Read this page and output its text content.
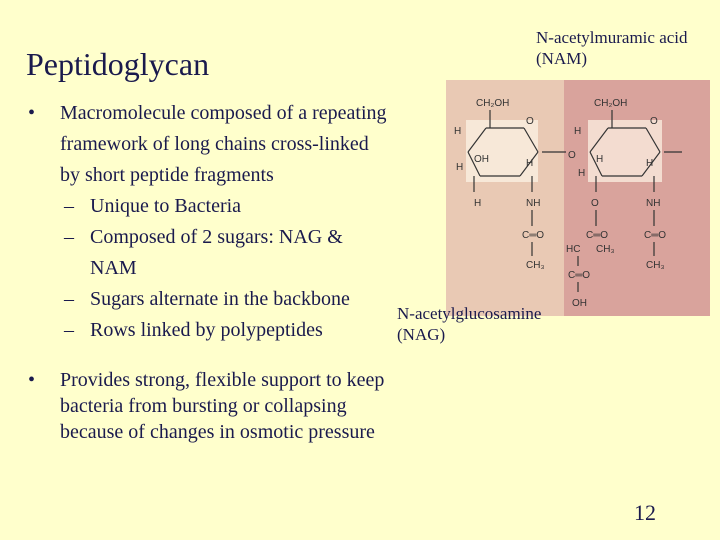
Peptidoglycan
N-acetylmuramic acid
(NAM)
CH₂OH
H
O
H
OH
H
H	NH
C═O
CH₃
CH₂OH
H
O
H
O H
O
H
NH
C═O	C═O
CH₃
HC CH₃
C═O
OH
N-acetylglucosamine
(NAG)
• Macromolecule composed of a repeating
framework of long chains cross-linked
by short peptide fragments
– Unique to Bacteria
– Composed of 2 sugars: NAG &
NAM
– Sugars alternate in the backbone
– Rows linked by polypeptides
• Provides strong, flexible support to keep
bacteria from bursting or collapsing
because of changes in osmotic pressure
12
